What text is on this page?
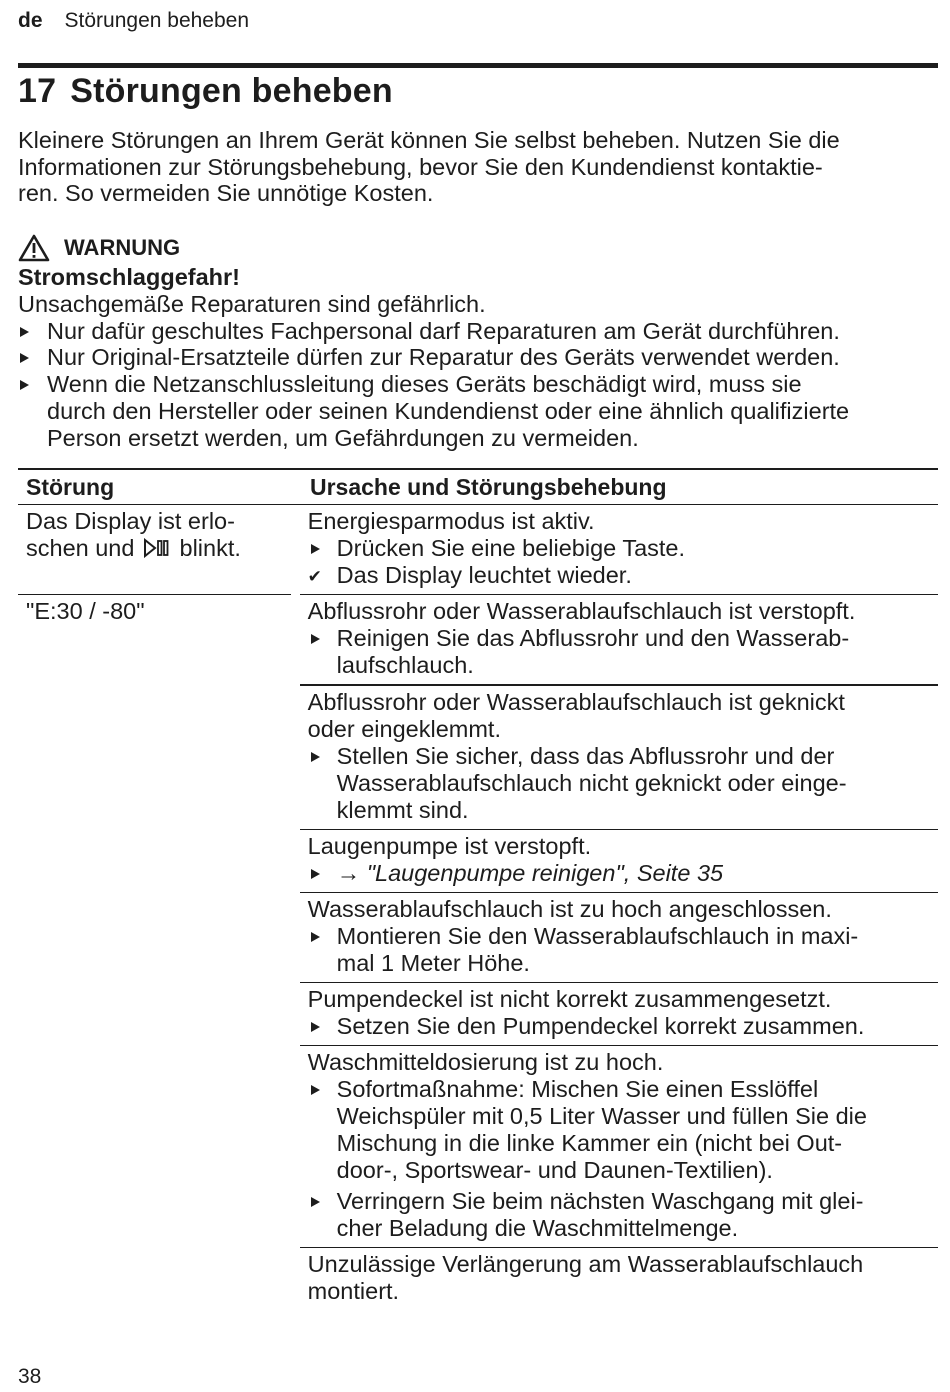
de Störungen beheben
17 Störungen beheben
Kleinere Störungen an Ihrem Gerät können Sie selbst beheben. Nutzen Sie die
Informationen zur Störungsbehebung, bevor Sie den Kundendienst kontaktie-
ren. So vermeiden Sie unnötige Kosten.
WARNUNG
Stromschlaggefahr!
Unsachgemäße Reparaturen sind gefährlich.
Nur dafür geschultes Fachpersonal darf Reparaturen am Gerät durchführen.
Nur Original-Ersatzteile dürfen zur Reparatur des Geräts verwendet werden.
Wenn die Netzanschlussleitung dieses Geräts beschädigt wird, muss sie
durch den Hersteller oder seinen Kundendienst oder eine ähnlich qualifizierte
Person ersetzt werden, um Gefährdungen zu vermeiden.
Störung	Ursache und Störungsbehebung
Das Display ist erlo-
schen und blinkt.
Energiesparmodus ist aktiv.
Drücken Sie eine beliebige Taste.
✔ Das Display leuchtet wieder.
"E:30 / -80"	Abflussrohr oder Wasserablaufschlauch ist verstopft.
Reinigen Sie das Abflussrohr und den Wasserab-
laufschlauch.
Abflussrohr oder Wasserablaufschlauch ist geknickt
oder eingeklemmt.
Stellen Sie sicher, dass das Abflussrohr und der
Wasserablaufschlauch nicht geknickt oder einge-
klemmt sind.
Laugenpumpe ist verstopft.
→ "Laugenpumpe reinigen", Seite 35
Wasserablaufschlauch ist zu hoch angeschlossen.
Montieren Sie den Wasserablaufschlauch in maxi-
mal 1 Meter Höhe.
Pumpendeckel ist nicht korrekt zusammengesetzt.
Setzen Sie den Pumpendeckel korrekt zusammen.
Waschmitteldosierung ist zu hoch.
Sofortmaßnahme: Mischen Sie einen Esslöffel
Weichspüler mit 0,5 Liter Wasser und füllen Sie die
Mischung in die linke Kammer ein (nicht bei Out-
door-, Sportswear- und Daunen-Textilien).
Verringern Sie beim nächsten Waschgang mit glei-
cher Beladung die Waschmittelmenge.
Unzulässige Verlängerung am Wasserablaufschlauch
montiert.
38
